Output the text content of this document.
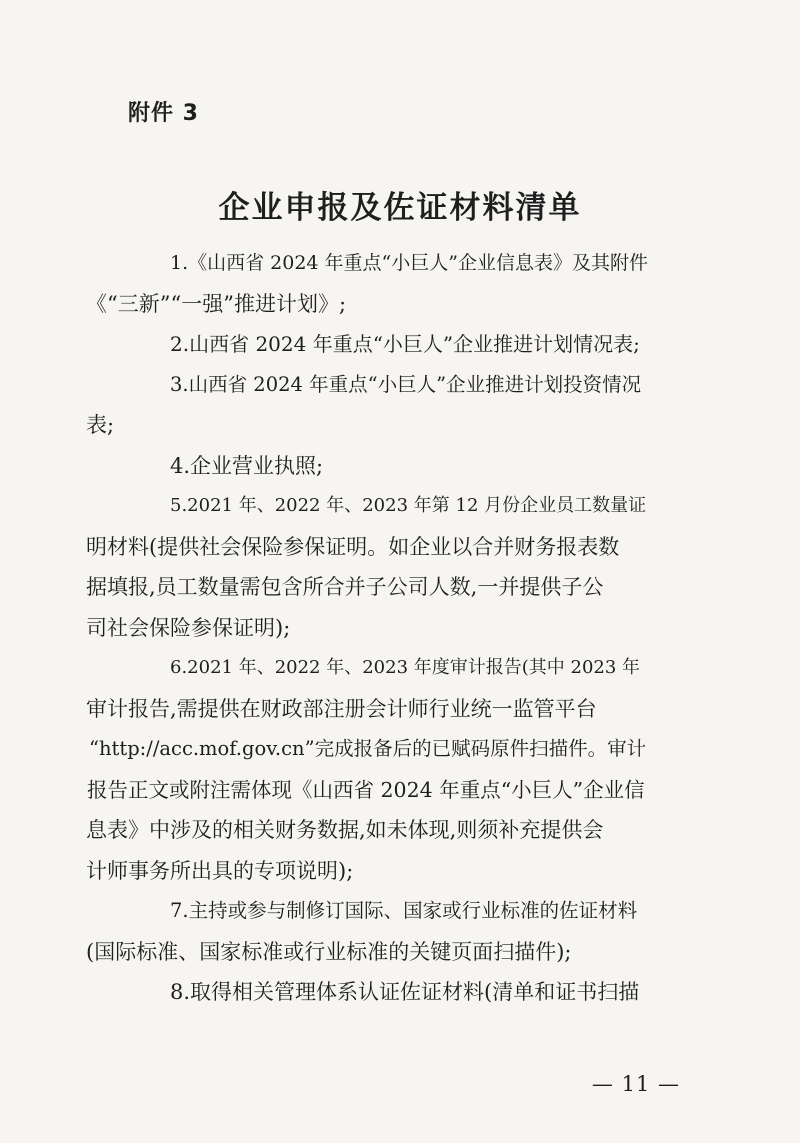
附件 3
企业申报及佐证材料清单

1.《山西省 2024 年重点“小巨人”企业信息表》及其附件
《“三新”“一强”推进计划》;

2.山西省 2024 年重点“小巨人”企业推进计划情况表;

3.山西省 2024 年重点“小巨人”企业推进计划投资情况
表;

4.企业营业执照;

5.2021 年、2022 年、2023 年第 12 月份企业员工数量证
明材料(提供社会保险参保证明。如企业以合并财务报表数
据填报,员工数量需包含所合并子公司人数,一并提供子公
司社会保险参保证明);

6.2021 年、2022 年、2023 年度审计报告(其中 2023 年
审计报告,需提供在财政部注册会计师行业统一监管平台
“http://acc.mof.gov.cn”完成报备后的已赋码原件扫描件。审计
报告正文或附注需体现《山西省 2024 年重点“小巨人”企业信
息表》中涉及的相关财务数据,如未体现,则须补充提供会
计师事务所出具的专项说明);

7.主持或参与制修订国际、国家或行业标准的佐证材料
(国际标准、国家标准或行业标准的关键页面扫描件);

8.取得相关管理体系认证佐证材料(清单和证书扫描

— 11 —
